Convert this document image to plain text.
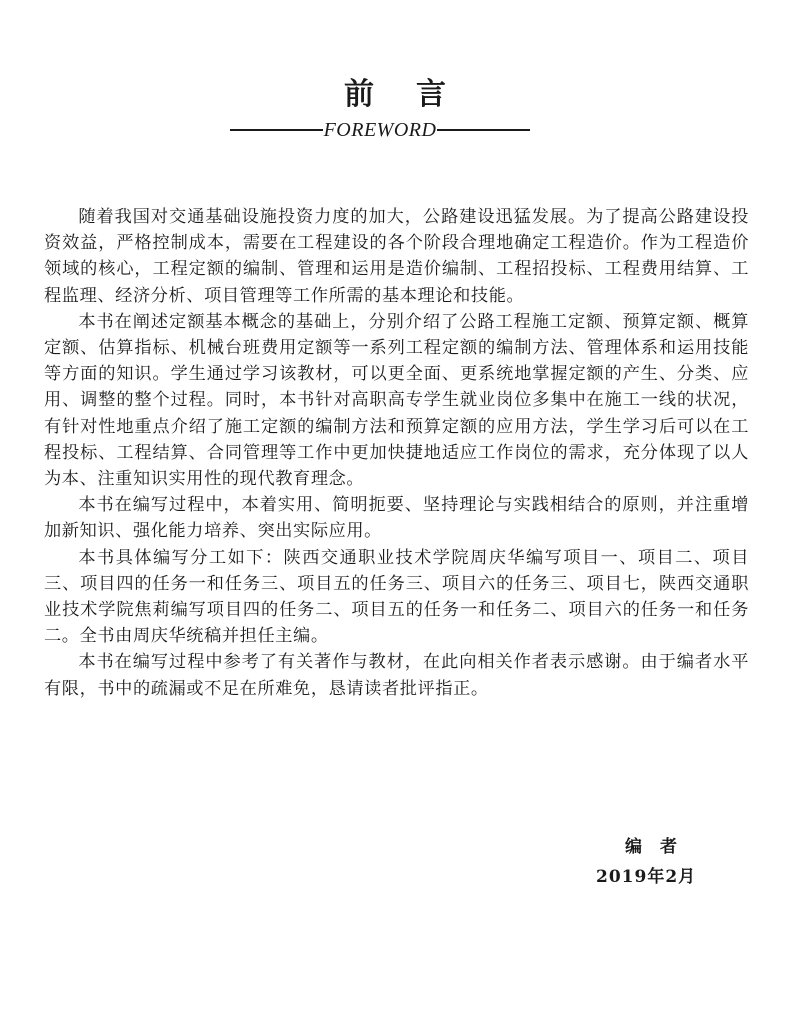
前言
FOREWORD

随着我国对交通基础设施投资力度的加大，公路建设迅猛发展。为了提高公路建设投资效益，严格控制成本，需要在工程建设的各个阶段合理地确定工程造价。作为工程造价领域的核心，工程定额的编制、管理和运用是造价编制、工程招投标、工程费用结算、工程监理、经济分析、项目管理等工作所需的基本理论和技能。

本书在阐述定额基本概念的基础上，分别介绍了公路工程施工定额、预算定额、概算定额、估算指标、机械台班费用定额等一系列工程定额的编制方法、管理体系和运用技能等方面的知识。学生通过学习该教材，可以更全面、更系统地掌握定额的产生、分类、应用、调整的整个过程。同时，本书针对高职高专学生就业岗位多集中在施工一线的状况，有针对性地重点介绍了施工定额的编制方法和预算定额的应用方法，学生学习后可以在工程投标、工程结算、合同管理等工作中更加快捷地适应工作岗位的需求，充分体现了以人为本、注重知识实用性的现代教育理念。

本书在编写过程中，本着实用、简明扼要、坚持理论与实践相结合的原则，并注重增加新知识、强化能力培养、突出实际应用。

本书具体编写分工如下：陕西交通职业技术学院周庆华编写项目一、项目二、项目三、项目四的任务一和任务三、项目五的任务三、项目六的任务三、项目七，陕西交通职业技术学院焦莉编写项目四的任务二、项目五的任务一和任务二、项目六的任务一和任务二。全书由周庆华统稿并担任主编。

本书在编写过程中参考了有关著作与教材，在此向相关作者表示感谢。由于编者水平有限，书中的疏漏或不足在所难免，恳请读者批评指正。

编者
2019年2月
